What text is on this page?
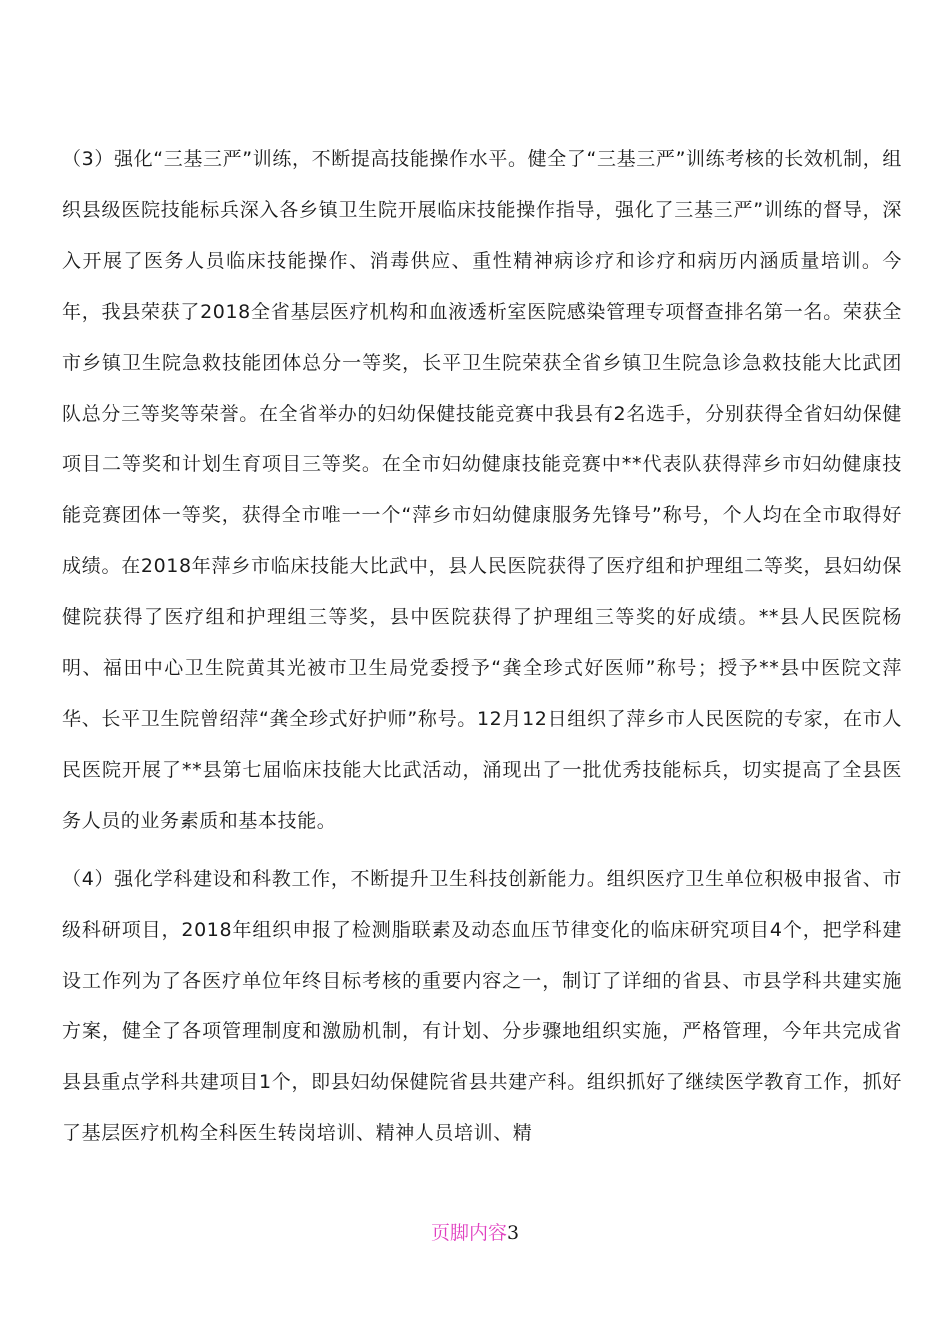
（3）强化“三基三严”训练，不断提高技能操作水平。健全了“三基三严”训练考核的长效机制，组织县级医院技能标兵深入各乡镇卫生院开展临床技能操作指导，强化了三基三严”训练的督导，深入开展了医务人员临床技能操作、消毒供应、重性精神病诊疗和诊疗和病历内涵质量培训。今年，我县荣获了2018全省基层医疗机构和血液透析室医院感染管理专项督查排名第一名。荣获全市乡镇卫生院急救技能团体总分一等奖，长平卫生院荣获全省乡镇卫生院急诊急救技能大比武团队总分三等奖等荣誉。在全省举办的妇幼保健技能竞赛中我县有2名选手，分别获得全省妇幼保健项目二等奖和计划生育项目三等奖。在全市妇幼健康技能竞赛中**代表队获得萍乡市妇幼健康技能竞赛团体一等奖，获得全市唯一一个“萍乡市妇幼健康服务先锋号”称号，个人均在全市取得好成绩。在2018年萍乡市临床技能大比武中，县人民医院获得了医疗组和护理组二等奖，县妇幼保健院获得了医疗组和护理组三等奖，县中医院获得了护理组三等奖的好成绩。**县人民医院杨明、福田中心卫生院黄其光被市卫生局党委授予“龚全珍式好医师”称号；授予**县中医院文萍华、长平卫生院曾绍萍“龚全珍式好护师”称号。12月12日组织了萍乡市人民医院的专家，在市人民医院开展了**县第七届临床技能大比武活动，涌现出了一批优秀技能标兵，切实提高了全县医务人员的业务素质和基本技能。

（4）强化学科建设和科教工作，不断提升卫生科技创新能力。组织医疗卫生单位积极申报省、市级科研项目，2018年组织申报了检测脂联素及动态血压节律变化的临床研究项目4个，把学科建设工作列为了各医疗单位年终目标考核的重要内容之一，制订了详细的省县、市县学科共建实施方案，健全了各项管理制度和激励机制，有计划、分步骤地组织实施，严格管理，今年共完成省县县重点学科共建项目1个，即县妇幼保健院省县共建产科。组织抓好了继续医学教育工作，抓好了基层医疗机构全科医生转岗培训、精神人员培训、精

页脚内容3
